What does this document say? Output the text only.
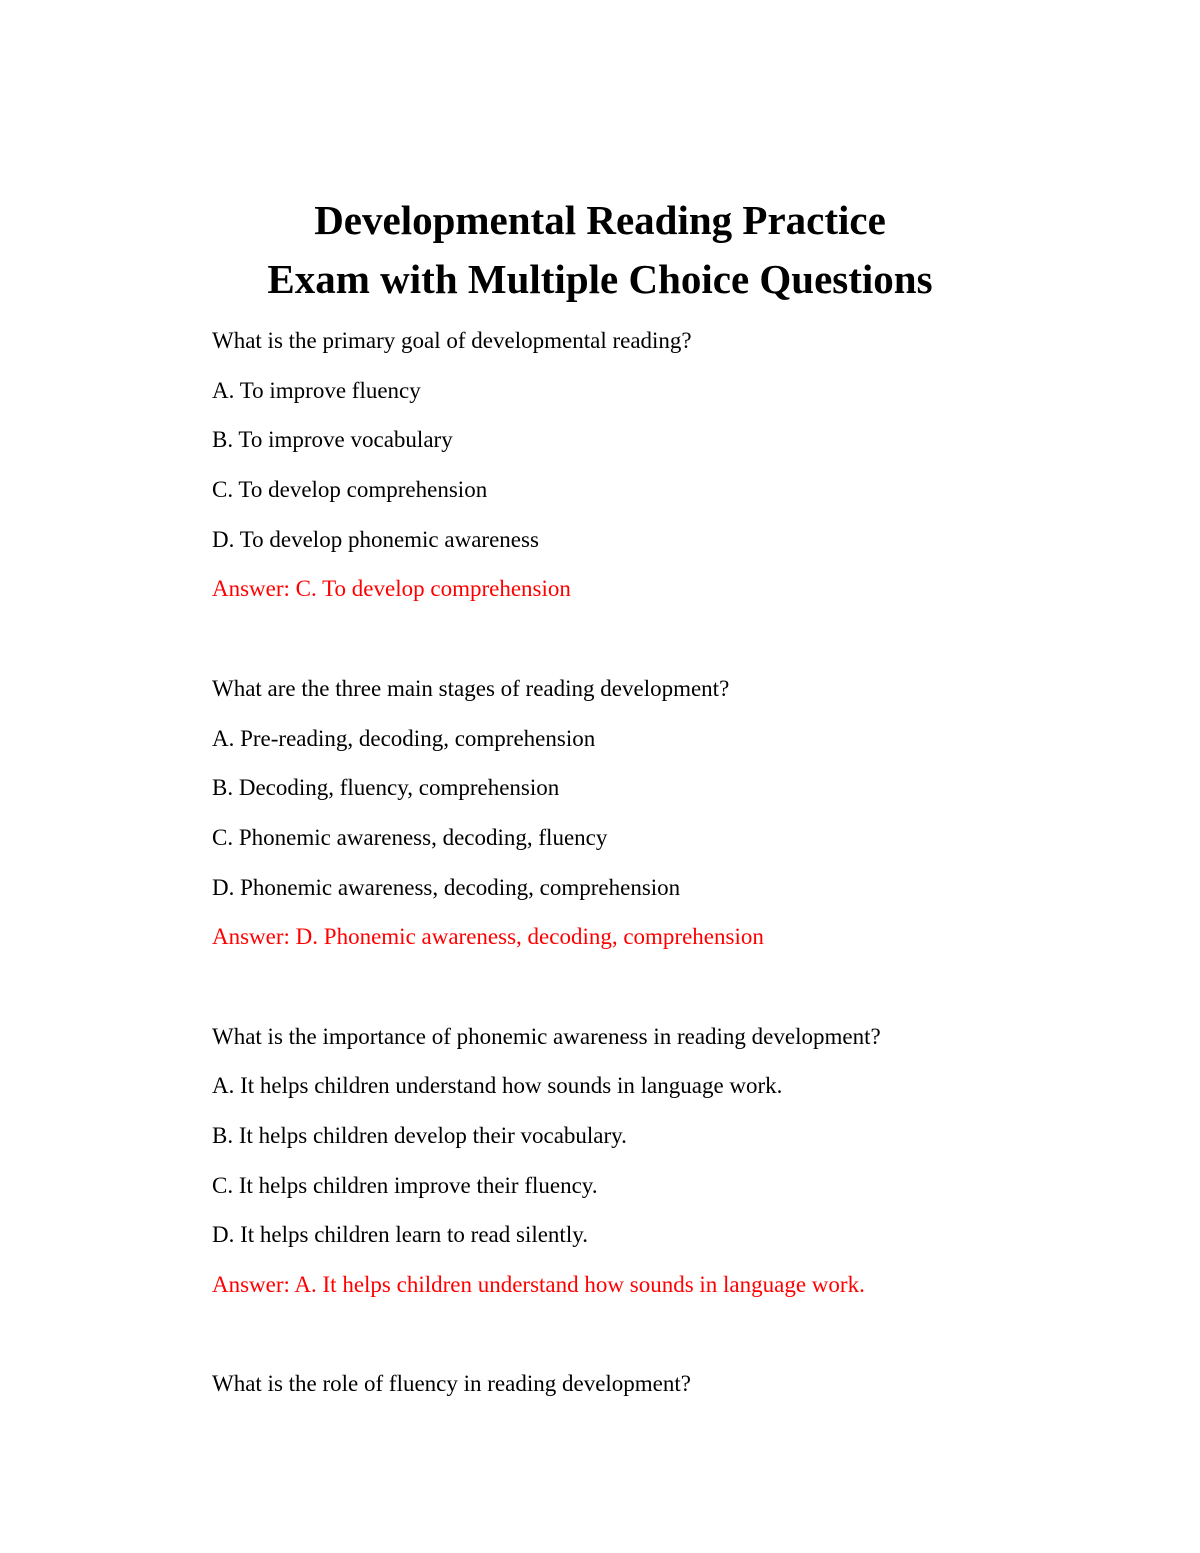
Developmental Reading Practice
Exam with Multiple Choice Questions

What is the primary goal of developmental reading?

A. To improve fluency

B. To improve vocabulary

C. To develop comprehension

D. To develop phonemic awareness

Answer: C. To develop comprehension

What are the three main stages of reading development?

A. Pre-reading, decoding, comprehension

B. Decoding, fluency, comprehension

C. Phonemic awareness, decoding, fluency

D. Phonemic awareness, decoding, comprehension

Answer: D. Phonemic awareness, decoding, comprehension

What is the importance of phonemic awareness in reading development?

A. It helps children understand how sounds in language work.

B. It helps children develop their vocabulary.

C. It helps children improve their fluency.

D. It helps children learn to read silently.

Answer: A. It helps children understand how sounds in language work.

What is the role of fluency in reading development?
